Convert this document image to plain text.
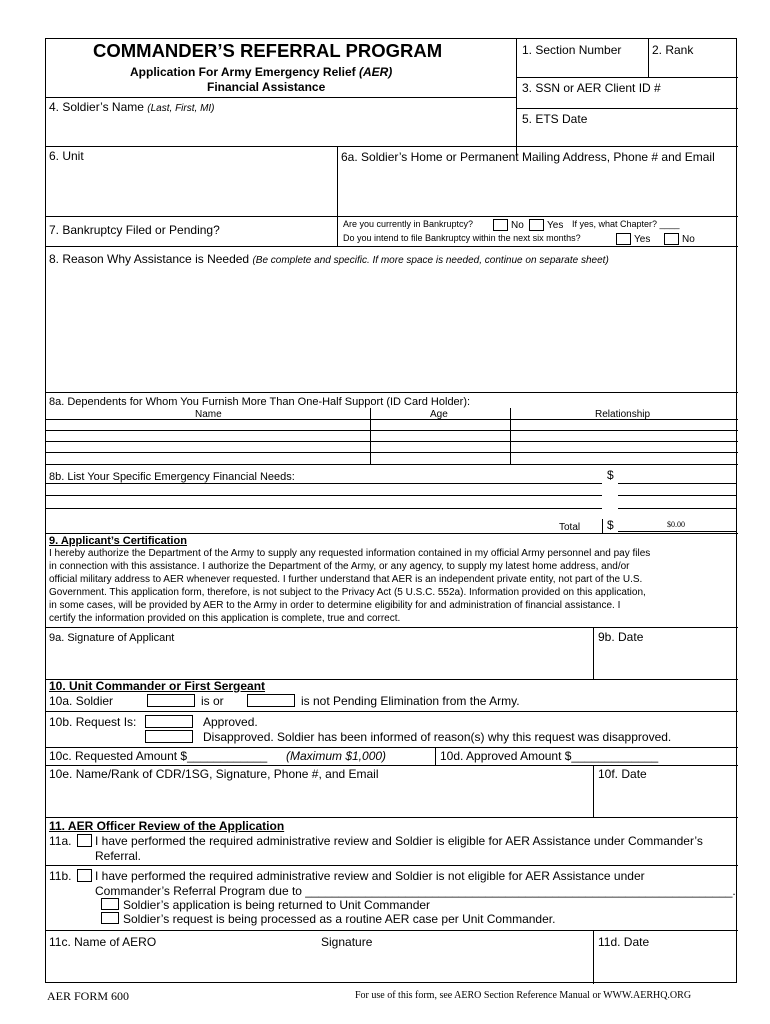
COMMANDER’S REFERRAL PROGRAM
Application For Army Emergency Relief (AER)
Financial Assistance
1. Section Number	2. Rank
3. SSN or AER Client ID #
4. Soldier’s Name (Last, First, MI)
5. ETS Date
6. Unit	6a. Soldier’s Home or Permanent Mailing Address, Phone # and Email
7. Bankruptcy Filed or Pending?	Are you currently in Bankruptcy?	No Yes If yes, what Chapter? ____
Do you intend to file Bankruptcy within the next six months?	Yes	No
8. Reason Why Assistance is Needed (Be complete and specific. If more space is needed, continue on separate sheet)
8a. Dependents for Whom You Furnish More Than One-Half Support (ID Card Holder):
Name	Age	Relationship
8b. List Your Specific Emergency Financial Needs:	$
Total $	$0.00
9. Applicant’s Certification
I hereby authorize the Department of the Army to supply any requested information contained in my official Army personnel and pay files
in connection with this assistance. I authorize the Department of the Army, or any agency, to supply my latest home address, and/or
official military address to AER whenever requested. I further understand that AER is an independent private entity, not part of the U.S.
Government. This application form, therefore, is not subject to the Privacy Act (5 U.S.C. 552a). Information provided on this application,
in some cases, will be provided by AER to the Army in order to determine eligibility for and administration of financial assistance. I
certify the information provided on this application is complete, true and correct.
9a. Signature of Applicant	9b. Date
10. Unit Commander or First Sergeant
10a. Soldier	is or	is not Pending Elimination from the Army.
10b. Request Is:	Approved.
Disapproved. Soldier has been informed of reason(s) why this request was disapproved.
10c. Requested Amount $____________ (Maximum $1,000)	10d. Approved Amount $_____________
10e. Name/Rank of CDR/1SG, Signature, Phone #, and Email	10f. Date
11. AER Officer Review of the Application
11a. I have performed the required administrative review and Soldier is eligible for AER Assistance under Commander’s
Referral.
11b. I have performed the required administrative review and Soldier is not eligible for AER Assistance under
Commander’s Referral Program due to ________________________________________________________________.
Soldier’s application is being returned to Unit Commander
Soldier’s request is being processed as a routine AER case per Unit Commander.
11c. Name of AERO	Signature	11d. Date
AER FORM 600	For use of this form, see AERO Section Reference Manual or WWW.AERHQ.ORG
